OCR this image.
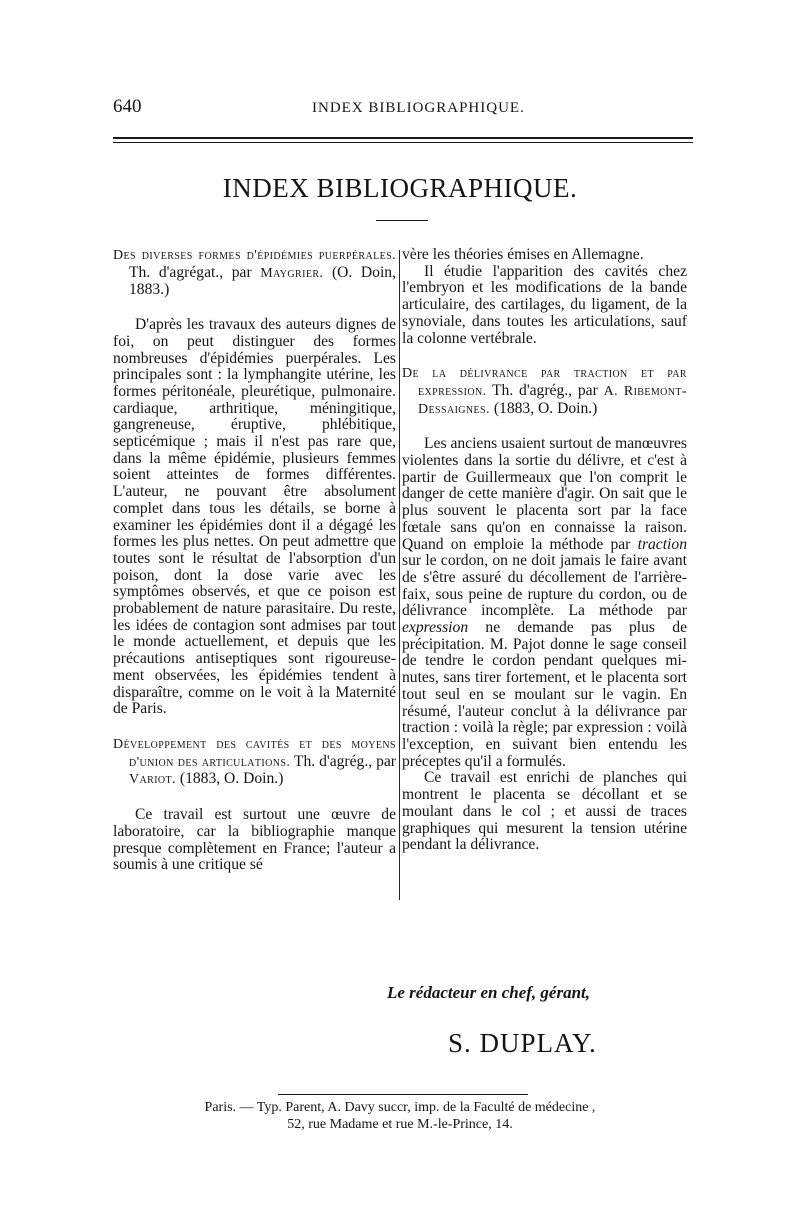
640	INDEX BIBLIOGRAPHIQUE.
INDEX BIBLIOGRAPHIQUE.

Des diverses formes d'épidémies puerpérales. Th. d'agrégat., par Maygrier. (O. Doin, 1883.)

D'après les travaux des auteurs dignes de foi, on peut distinguer des formes nombreuses d'épidémies puerpérales. Les principales sont : la lymphangite utérine, les formes péritonéale, pleurétique, pulmonaire. cardiaque, arthritique, méningitique, gangreneuse, éruptive, phlébitique, septicémique ; mais il n'est pas rare que, dans la même épidémie, plusieurs femmes soient atteintes de formes différentes. L'auteur, ne pouvant être absolument complet dans tous les détails, se borne à examiner les épidémies dont il a dégagé les formes les plus nettes. On peut admettre que toutes sont le résultat de l'absorption d'un poison, dont la dose varie avec les symptômes observés, et que ce poison est probablement de nature parasitaire. Du reste, les idées de contagion sont admises par tout le monde actuellement, et depuis que les précautions antiseptiques sont rigoureusement observées, les épidémies tendent à disparaître, comme on le voit à la Maternité de Paris.

Développement des cavités et des moyens d'union des articulations. Th. d'agrég., par Variot. (1883, O. Doin.)

Ce travail est surtout une œuvre de laboratoire, car la bibliographie manque presque complètement en France; l'auteur a soumis à une critique sé

vère les théories émises en Allemagne.

Il étudie l'apparition des cavités chez l'embryon et les modifications de la bande articulaire, des cartilages, du ligament, de la synoviale, dans toutes les articulations, sauf la colonne vertébrale.

De la délivrance par traction et par expression. Th. d'agrég., par A. Ribemont-Dessaignes. (1883, O. Doin.)

Les anciens usaient surtout de manœuvres violentes dans la sortie du délivre, et c'est à partir de Guillermeaux que l'on comprit le danger de cette manière d'agir. On sait que le plus souvent le placenta sort par la face fœtale sans qu'on en connaisse la raison. Quand on emploie la méthode par traction sur le cordon, on ne doit jamais le faire avant de s'être assuré du décollement de l'arrière-faix, sous peine de rupture du cordon, ou de délivrance incomplète. La méthode par expression ne demande pas plus de précipitation. M. Pajot donne le sage conseil de tendre le cordon pendant quelques minutes, sans tirer fortement, et le placenta sort tout seul en se moulant sur le vagin. En résumé, l'auteur conclut à la délivrance par traction : voilà la règle; par expression : voilà l'exception, en suivant bien entendu les préceptes qu'il a formulés.

Ce travail est enrichi de planches qui montrent le placenta se décollant et se moulant dans le col ; et aussi de traces graphiques qui mesurent la tension utérine pendant la délivrance.

Le rédacteur en chef, gérant,
S. DUPLAY.
Paris. — Typ. Parent, A. Davy succr, imp. de la Faculté de médecine ,
52, rue Madame et rue M.-le-Prince, 14.
